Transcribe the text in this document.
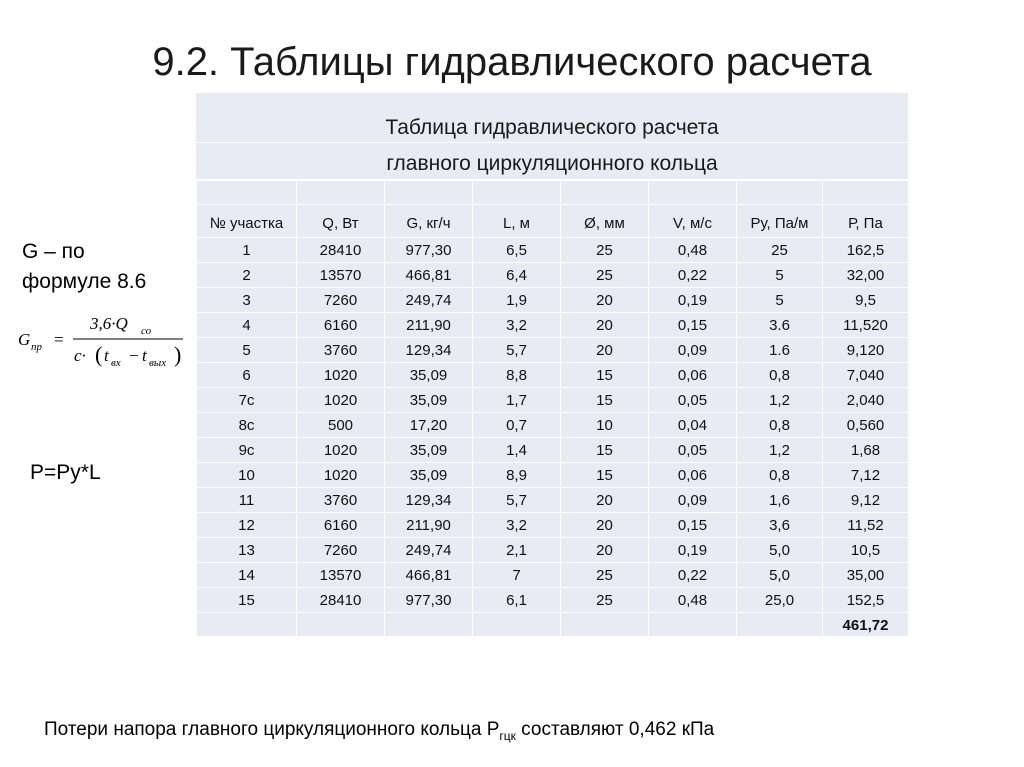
9.2. Таблицы гидравлического расчета
G – по
формуле 8.6
G пр =
3,6·Q со
c· ( t вх − t вых )
P=Py*L
Таблица гидравлического расчета
главного циркуляционного кольца

№ участка	Q, Вт	G, кг/ч	L, м	Ø, мм	V, м/с	Ру, Па/м	Р, Па
1	28410	977,30	6,5	25	0,48	25	162,5
2	13570	466,81	6,4	25	0,22	5	32,00
3	7260	249,74	1,9	20	0,19	5	9,5
4	6160	211,90	3,2	20	0,15	3.6	11,520
5	3760	129,34	5,7	20	0,09	1.6	9,120
6	1020	35,09	8,8	15	0,06	0,8	7,040
7с	1020	35,09	1,7	15	0,05	1,2	2,040
8с	500	17,20	0,7	10	0,04	0,8	0,560
9с	1020	35,09	1,4	15	0,05	1,2	1,68
10	1020	35,09	8,9	15	0,06	0,8	7,12
11	3760	129,34	5,7	20	0,09	1,6	9,12
12	6160	211,90	3,2	20	0,15	3,6	11,52
13	7260	249,74	2,1	20	0,19	5,0	10,5
14	13570	466,81	7	25	0,22	5,0	35,00
15	28410	977,30	6,1	25	0,48	25,0	152,5
							461,72
Потери напора главного циркуляционного кольца $Р_{гцк}$ составляют 0,462 кПа
